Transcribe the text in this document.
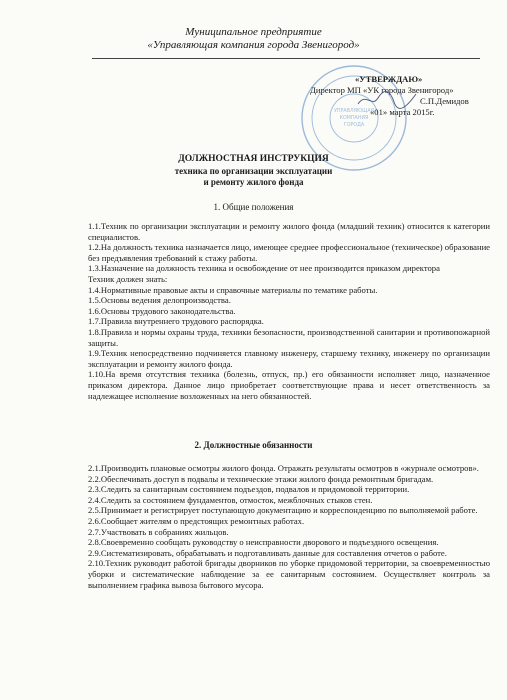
Муниципальное предприятие
«Управляющая компания города Звенигород»
УПРАВЛЯЮЩАЯ
КОМПАНИЯ
ГОРОДА
«УТВЕРЖДАЮ»
Директор МП «УК города Звенигород»
С.П.Демидов
«01» марта 2015г.
ДОЛЖНОСТНАЯ ИНСТРУКЦИЯ
техника по организации эксплуатации
и ремонту жилого фонда
1. Общие положения

1.1.Техник по организации эксплуатации и ремонту жилого фонда (младший техник) относится к категории специалистов.

1.2.На должность техника назначается лицо, имеющее среднее профессиональное (техническое) образование без предъявления требований к стажу работы.

1.3.Назначение на должность техника и освобождение от нее производится приказом директора

Техник должен знать:

1.4.Нормативные правовые акты и справочные материалы по тематике работы.

1.5.Основы ведения делопроизводства.

1.6.Основы трудового законодательства.

1.7.Правила внутреннего трудового распорядка.

1.8.Правила и нормы охраны труда, техники безопасности, производственной санитарии и противопожарной защиты.

1.9.Техник непосредственно подчиняется главному инженеру, старшему технику, инженеру по организации эксплуатации и ремонту жилого фонда.

1.10.На время отсутствия техника (болезнь, отпуск, пр.) его обязанности исполняет лицо, назначенное приказом директора. Данное лицо приобретает соответствующие права и несет ответственность за надлежащее исполнение возложенных на него обязанностей.

2. Должностные обязанности

2.1.Производить плановые осмотры жилого фонда. Отражать результаты осмотров в «журнале осмотров».

2.2.Обеспечивать доступ в подвалы и технические этажи жилого фонда ремонтным бригадам.

2.3.Следить за санитарным состоянием подъездов, подвалов и придомовой территории.

2.4.Следить за состоянием фундаментов, отмосток, межблочных стыков стен.

2.5.Принимает и регистрирует поступающую документацию и корреспонденцию по выполняемой работе.

2.6.Сообщает жителям о предстоящих ремонтных работах.

2.7.Участвовать в собраниях жильцов.

2.8.Своевременно сообщать руководству о неисправности дворового и подъездного освещения.

2.9.Систематизировать, обрабатывать и подготавливать данные для составления отчетов о работе.

2.10.Техник руководит работой бригады дворников по уборке придомовой территории, за своевременностью уборки и систематические наблюдение за ее санитарным состоянием. Осуществляет контроль за выполнением графика вывоза бытового мусора.
